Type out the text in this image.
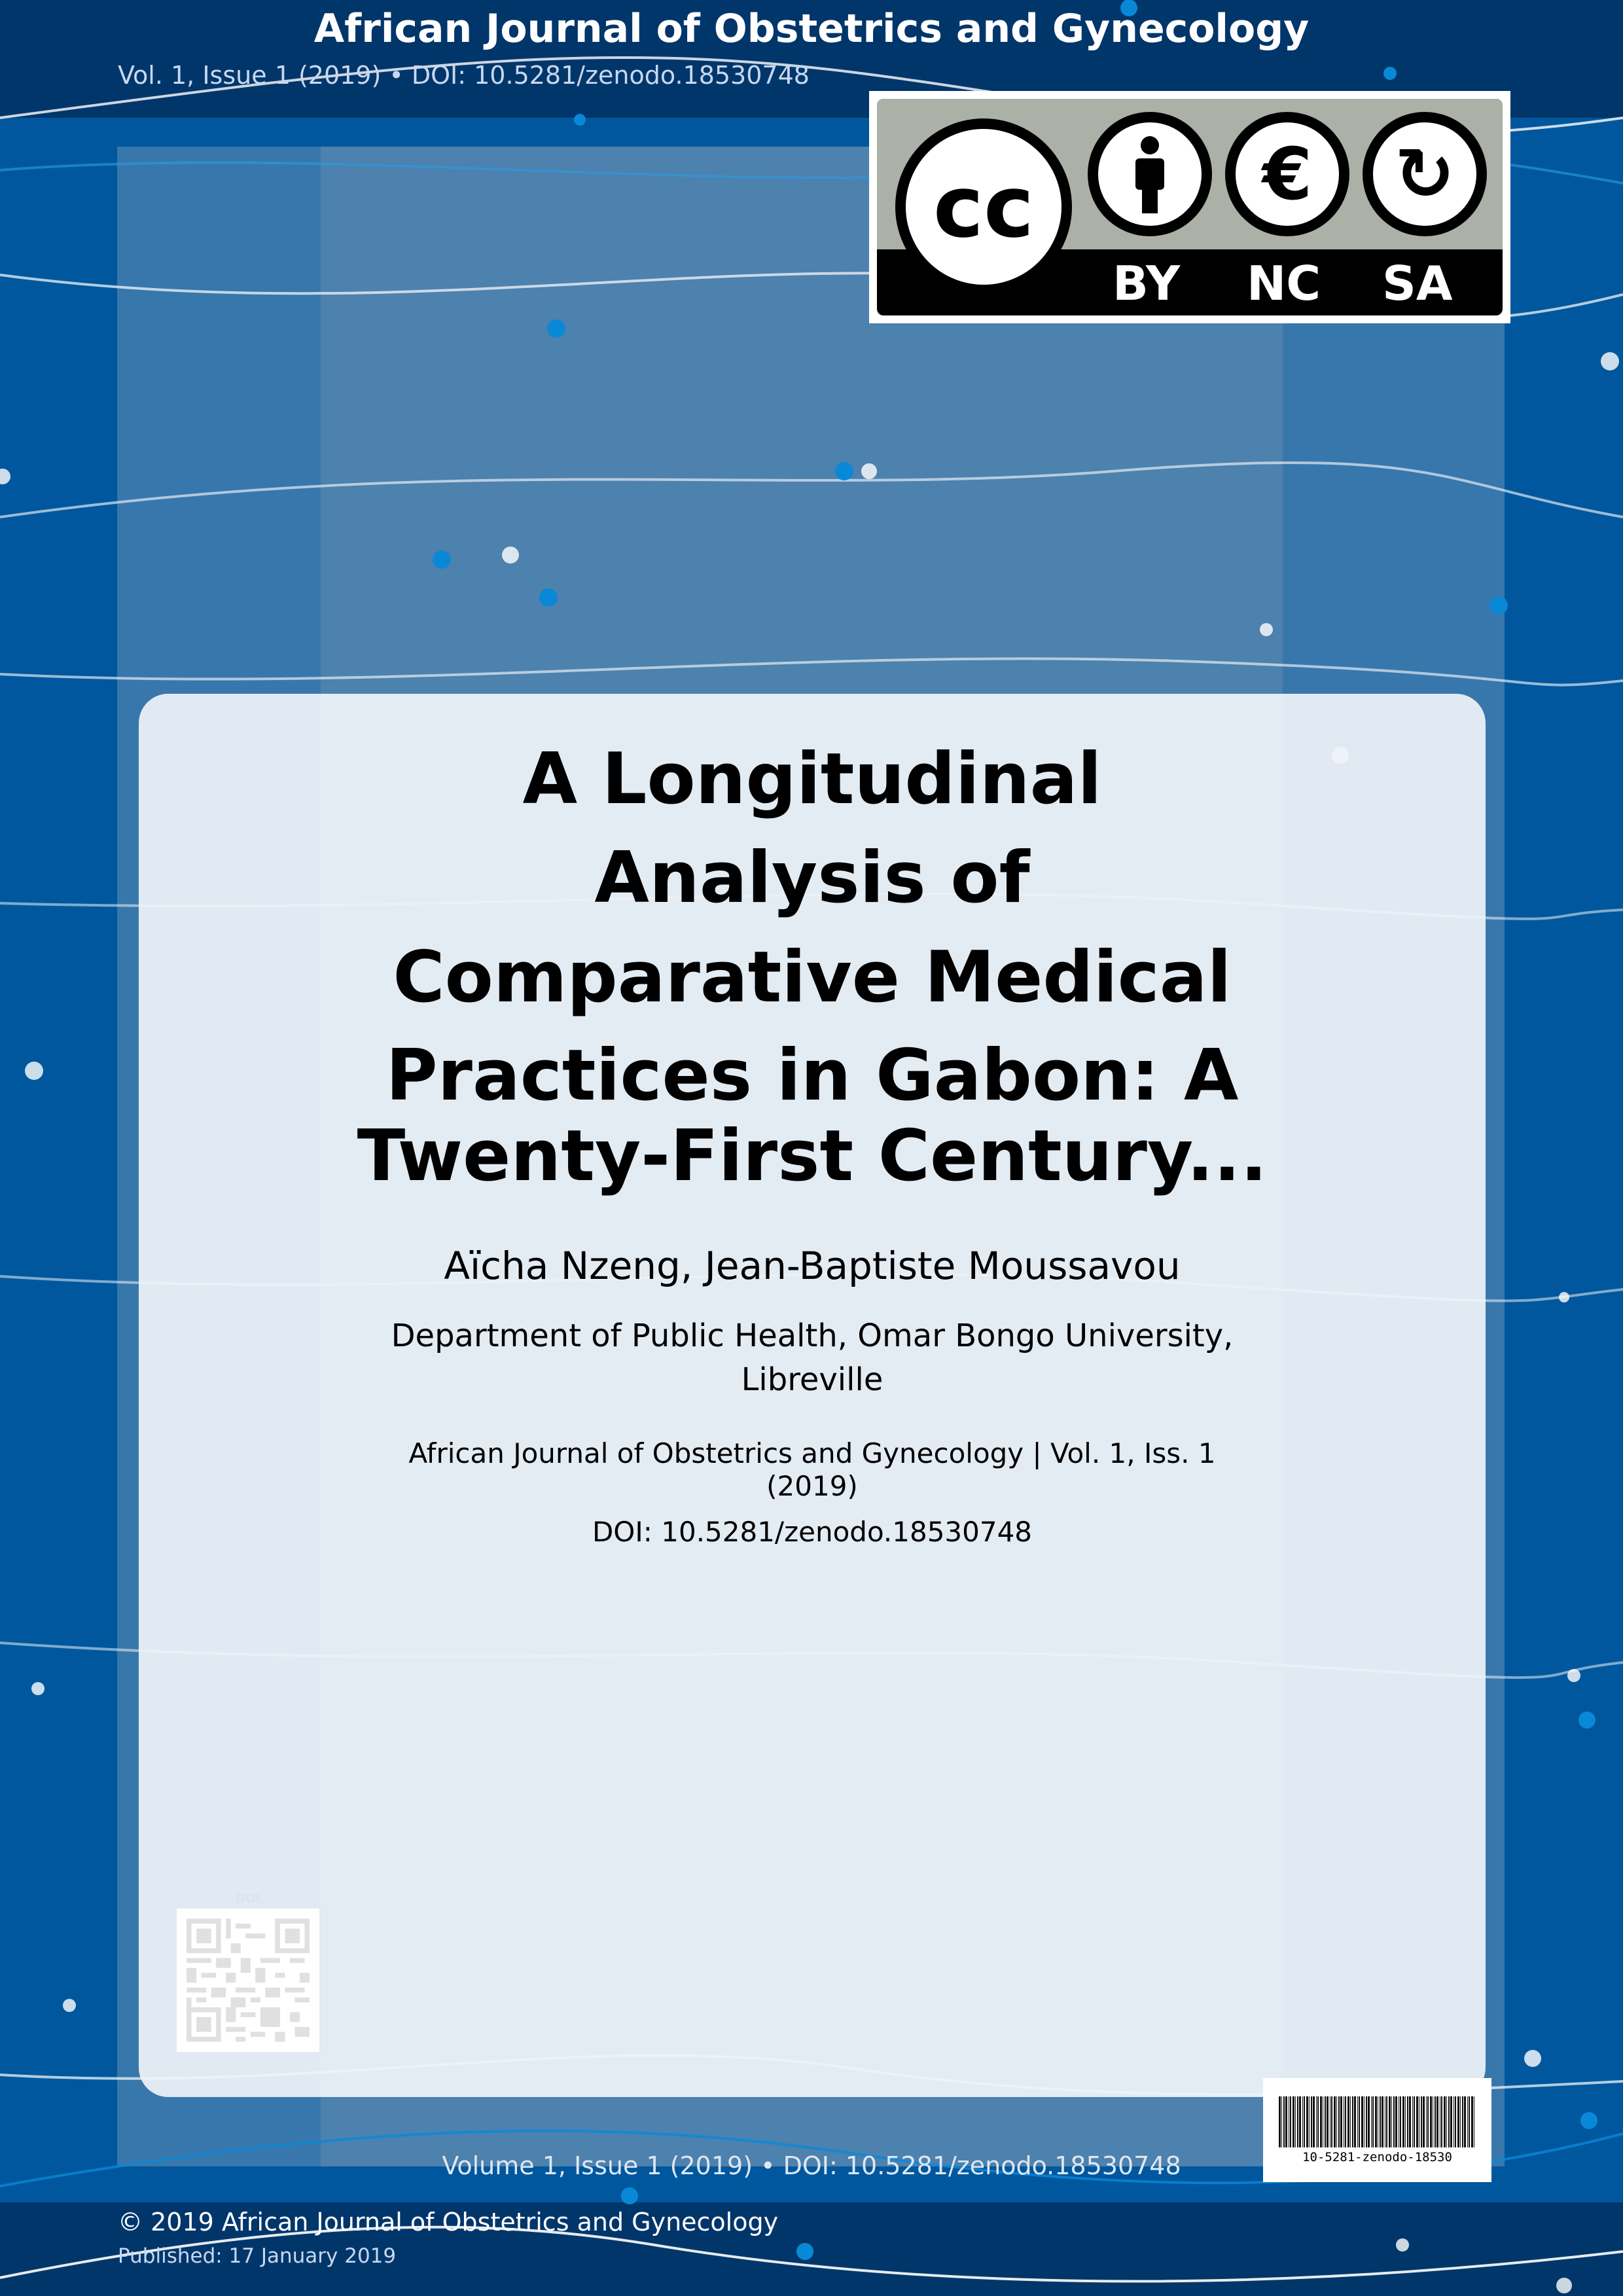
African Journal of Obstetrics and Gynecology
Vol. 1, Issue 1 (2019) • DOI: 10.5281/zenodo.18530748
cc	€	↻
BY NC SA
A Longitudinal
Analysis of
Comparative Medical
Practices in Gabon: A
Twenty-First Century...
Aïcha Nzeng, Jean-Baptiste Moussavou
Department of Public Health, Omar Bongo University,
Libreville
African Journal of Obstetrics and Gynecology | Vol. 1, Iss. 1
(2019)
DOI: 10.5281/zenodo.18530748
DOI
Volume 1, Issue 1 (2019) • DOI: 10.5281/zenodo.18530748	10-5281-zenodo-18530
© 2019 African Journal of Obstetrics and Gynecology
Published: 17 January 2019
